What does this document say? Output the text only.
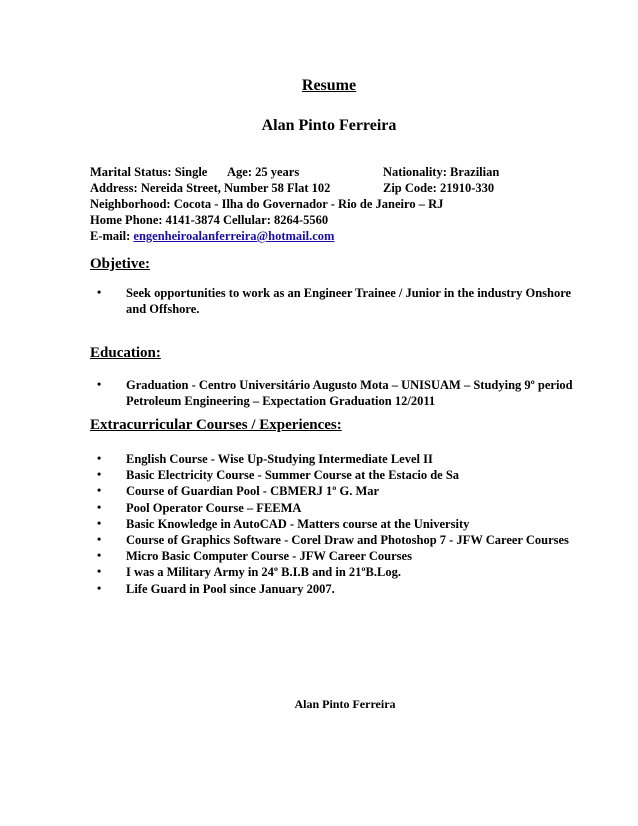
Resume
Alan Pinto Ferreira
Marital Status: Single Age: 25 years	Nationality: Brazilian
Address: Nereida Street, Number 58 Flat 102	Zip Code: 21910-330
Neighborhood: Cocota - Ilha do Governador - Rio de Janeiro – RJ
Home Phone: 4141-3874 Cellular: 8264-5560
E-mail: engenheiroalanferreira@hotmail.com
Objetive:
• Seek opportunities to work as an Engineer Trainee / Junior in the industry Onshore
and Offshore.
Education:
• Graduation - Centro Universitário Augusto Mota – UNISUAM – Studying 9º period
Petroleum Engineering – Expectation Graduation 12/2011
Extracurricular Courses / Experiences:
• English Course - Wise Up-Studying Intermediate Level II
• Basic Electricity Course - Summer Course at the Estacio de Sa
• Course of Guardian Pool - CBMERJ 1º G. Mar
• Pool Operator Course – FEEMA
• Basic Knowledge in AutoCAD - Matters course at the University
• Course of Graphics Software - Corel Draw and Photoshop 7 - JFW Career Courses
• Micro Basic Computer Course - JFW Career Courses
• I was a Military Army in 24º B.I.B and in 21ºB.Log.
• Life Guard in Pool since January 2007.
Alan Pinto Ferreira
